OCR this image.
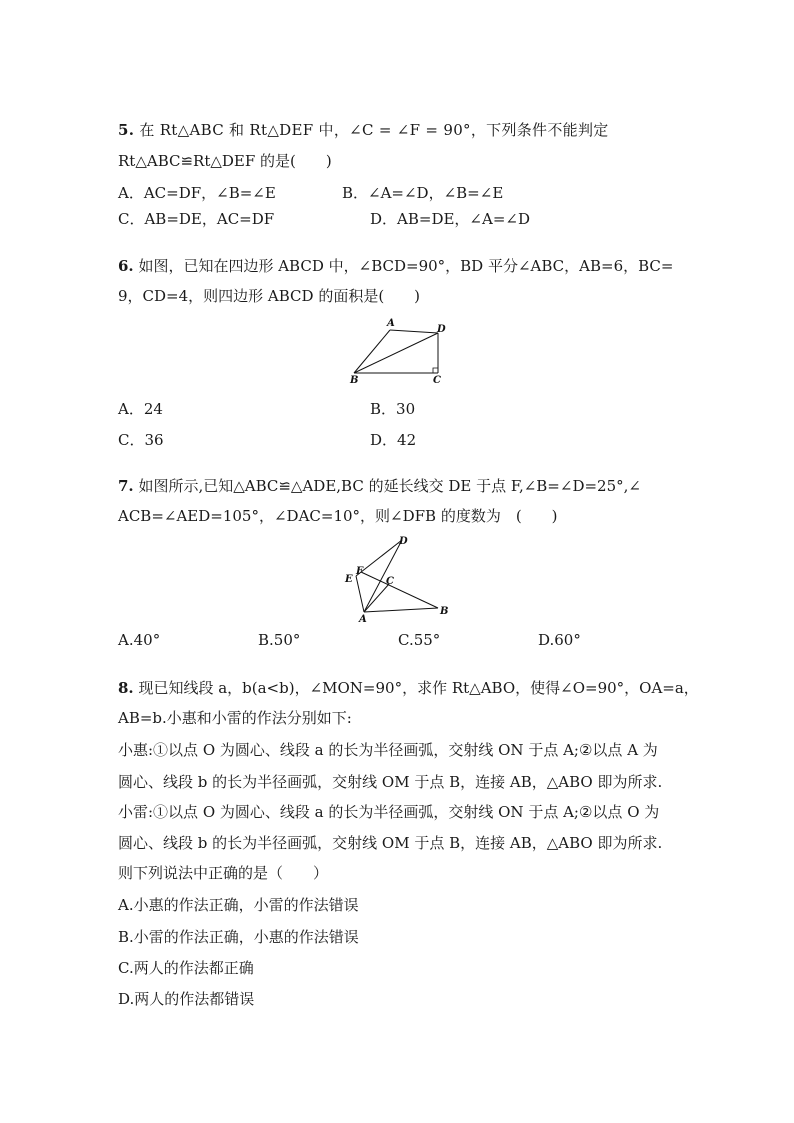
5. 在 Rt△ABC 和 Rt△DEF 中，∠C = ∠F = 90°，下列条件不能判定
Rt△ABC≌Rt△DEF 的是(　　)
A．AC=DF，∠B=∠E	B．∠A=∠D，∠B=∠E
C．AB=DE，AC=DF	D．AB=DE，∠A=∠D
6. 如图，已知在四边形 ABCD 中，∠BCD=90°，BD 平分∠ABC，AB=6，BC=
9，CD=4，则四边形 ABCD 的面积是(　　)
A
D
B	C
A．24	B．30
C．36	D．42
7. 如图所示,已知△ABC≌△ADE,BC 的延长线交 DE 于点 F,∠B=∠D=25°,∠
ACB=∠AED=105°，∠DAC=10°，则∠DFB 的度数为　(　　)
D
E
F
C
A
B
A.40°	B.50°	C.55°	D.60°
8. 现已知线段 a，b(a<b)，∠MON=90°，求作 Rt△ABO，使得∠O=90°，OA=a，
AB=b.小惠和小雷的作法分别如下:
小惠:①以点 O 为圆心、线段 a 的长为半径画弧，交射线 ON 于点 A;②以点 A 为
圆心、线段 b 的长为半径画弧，交射线 OM 于点 B，连接 AB，△ABO 即为所求.
小雷:①以点 O 为圆心、线段 a 的长为半径画弧，交射线 ON 于点 A;②以点 O 为
圆心、线段 b 的长为半径画弧，交射线 OM 于点 B，连接 AB，△ABO 即为所求.
则下列说法中正确的是（　　）
A.小惠的作法正确，小雷的作法错误
B.小雷的作法正确，小惠的作法错误
C.两人的作法都正确
D.两人的作法都错误
